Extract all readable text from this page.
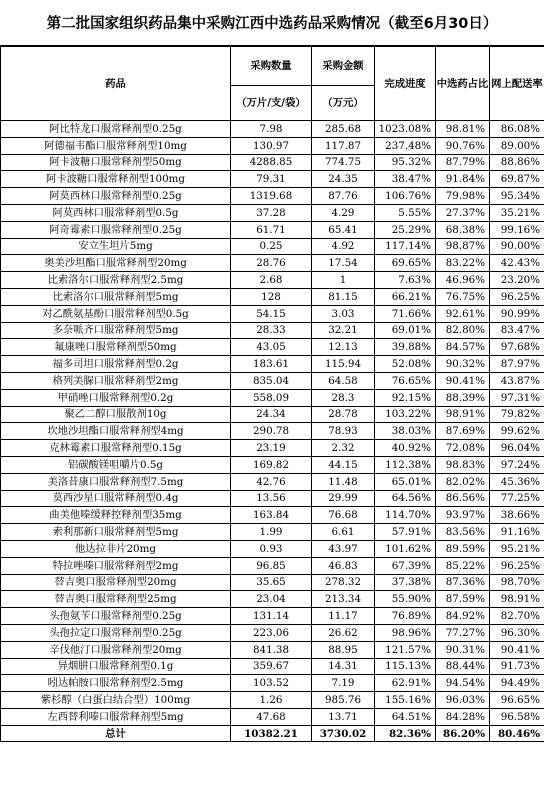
第二批国家组织药品集中采购江西中选药品采购情况（截至6月30日）
药品	采购数量	采购金额	完成进度	中选药占比	网上配送率

	（万片/支/袋）	（万元）			
阿比特龙口服常释剂型0.25g	7.98	285.68	1023.08%	98.81%	86.08%
阿德福韦酯口服常释剂型10mg	130.97	117.87	237.48%	90.76%	89.00%
阿卡波糖口服常释剂型50mg	4288.85	774.75	95.32%	87.79%	88.86%
阿卡波糖口服常释剂型100mg	79.31	24.35	38.47%	91.84%	69.87%
阿莫西林口服常释剂型0.25g	1319.68	87.76	106.76%	79.98%	95.34%
阿莫西林口服常释剂型0.5g	37.28	4.29	5.55%	27.37%	35.21%
阿奇霉素口服常释剂型0.25g	61.71	65.41	25.29%	68.38%	99.16%
安立生坦片5mg	0.25	4.92	117.14%	98.87%	90.00%
奥美沙坦酯口服常释剂型20mg	28.76	17.54	69.65%	83.22%	42.43%
比索洛尔口服常释剂型2.5mg	2.68	1	7.63%	46.96%	23.20%
比索洛尔口服常释剂型5mg	128	81.15	66.21%	76.75%	96.25%
对乙酰氨基酚口服常释剂型0.5g	54.15	3.03	71.66%	92.61%	90.99%
多奈哌齐口服常释剂型5mg	28.33	32.21	69.01%	82.80%	83.47%
氟康唑口服常释剂型50mg	43.05	12.13	39.88%	84.57%	97.68%
福多司坦口服常释剂型0.2g	183.61	115.94	52.08%	90.32%	87.97%
格列美脲口服常释剂型2mg	835.04	64.58	76.65%	90.41%	43.87%
甲硝唑口服常释剂型0.2g	558.09	28.3	92.15%	88.39%	97.31%
聚乙二醇口服散剂10g	24.34	28.78	103.22%	98.91%	79.82%
坎地沙坦酯口服常释剂型4mg	290.78	78.93	38.03%	87.69%	99.62%
克林霉素口服常释剂型0.15g	23.19	2.32	40.92%	72.08%	96.04%
铝碳酸镁咀嚼片0.5g	169.82	44.15	112.38%	98.83%	97.24%
美洛昔康口服常释剂型7.5mg	42.76	11.48	65.01%	82.02%	45.36%
莫西沙星口服常释剂型0.4g	13.56	29.99	64.56%	86.56%	77.25%
曲美他嗪缓释控释剂型35mg	163.84	76.68	114.70%	93.97%	38.66%
索利那新口服常释剂型5mg	1.99	6.61	57.91%	83.56%	91.16%
他达拉非片20mg	0.93	43.97	101.62%	89.59%	95.21%
特拉唑嗪口服常释剂型2mg	96.85	46.83	67.39%	85.22%	96.25%
替吉奥口服常释剂型20mg	35.65	278.32	37.38%	87.36%	98.70%
替吉奥口服常释剂型25mg	23.04	213.34	55.90%	87.59%	98.91%
头孢氨苄口服常释剂型0.25g	131.14	11.17	76.89%	84.92%	82.70%
头孢拉定口服常释剂型0.25g	223.06	26.62	98.96%	77.27%	96.30%
辛伐他汀口服常释剂型20mg	841.38	88.95	121.57%	90.31%	90.41%
异烟肼口服常释剂型0.1g	359.67	14.31	115.13%	88.44%	91.73%
吲达帕胺口服常释剂型2.5mg	103.52	7.19	62.91%	94.54%	94.49%
紫杉醇（白蛋白结合型）100mg	1.26	985.76	155.16%	96.03%	96.65%
左西替利嗪口服常释剂型5mg	47.68	13.71	64.51%	84.28%	96.58%
总计	10382.21	3730.02	82.36%	86.20%	80.46%
